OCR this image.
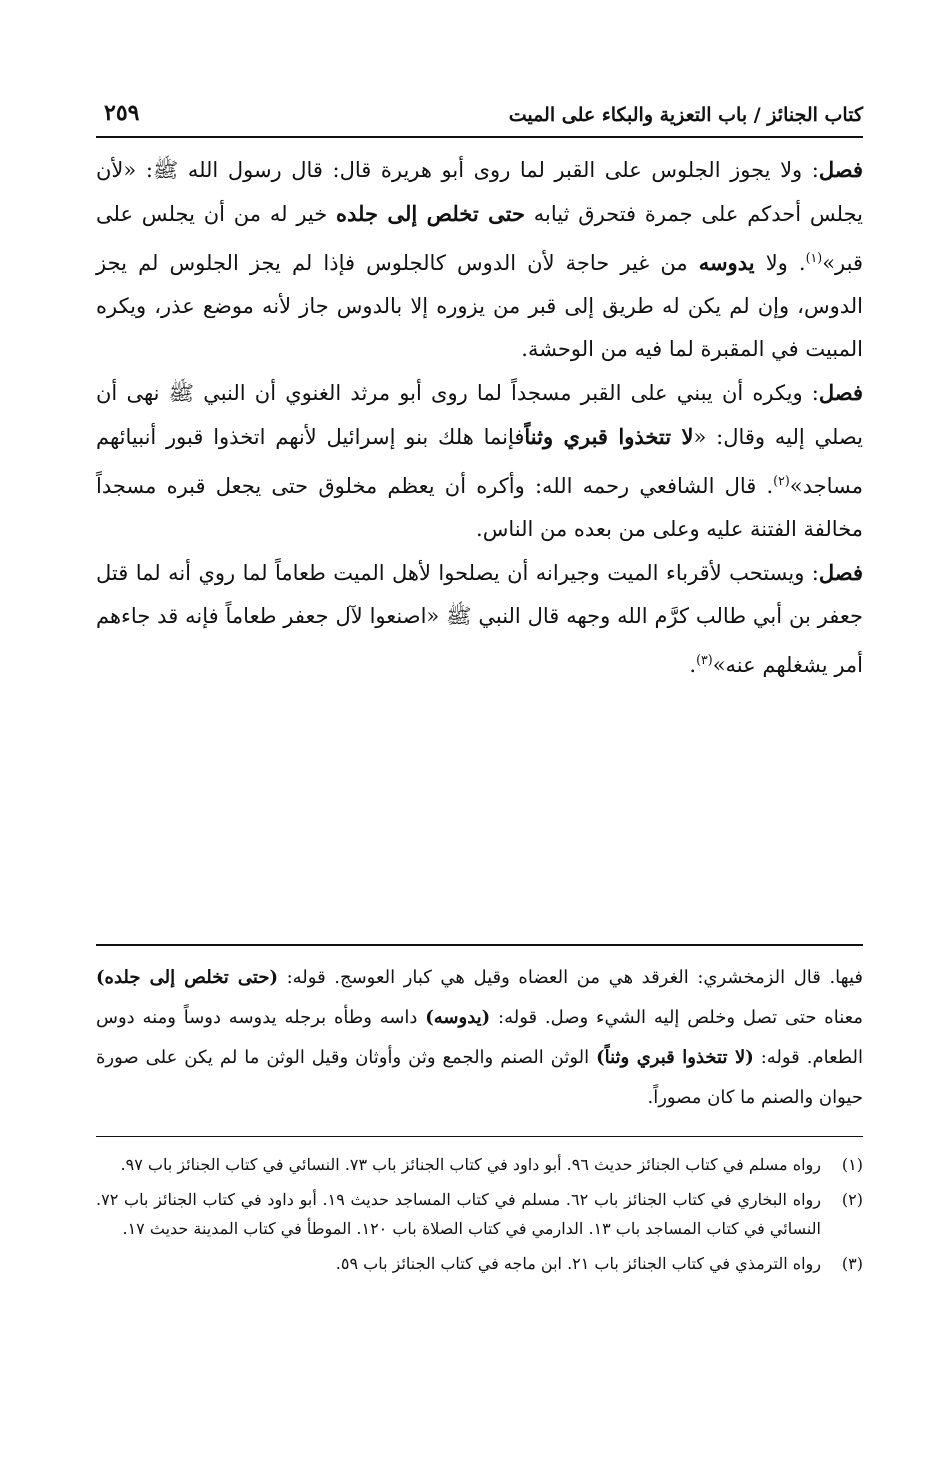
كتاب الجنائز / باب التعزية والبكاء على الميت
٢٥٩

فصل: ولا يجوز الجلوس على القبر لما روى أبو هريرة قال: قال رسول الله ﷺ: «لأن يجلس أحدكم على جمرة فتحرق ثيابه حتى تخلص إلى جلده خير له من أن يجلس على قبر»$^{(١)}$. ولا يدوسه من غير حاجة لأن الدوس كالجلوس فإذا لم يجز الجلوس لم يجز الدوس، وإن لم يكن له طريق إلى قبر من يزوره إلا بالدوس جاز لأنه موضع عذر، ويكره المبيت في المقبرة لما فيه من الوحشة.

فصل: ويكره أن يبني على القبر مسجداً لما روى أبو مرثد الغنوي أن النبي ﷺ نهى أن يصلي إليه وقال: «لا تتخذوا قبري وثناًفإنما هلك بنو إسرائيل لأنهم اتخذوا قبور أنبيائهم مساجد»$^{(٢)}$. قال الشافعي رحمه الله: وأكره أن يعظم مخلوق حتى يجعل قبره مسجداً مخالفة الفتنة عليه وعلى من بعده من الناس.

فصل: ويستحب لأقرباء الميت وجيرانه أن يصلحوا لأهل الميت طعاماً لما روي أنه لما قتل جعفر بن أبي طالب كرَّم الله وجهه قال النبي ﷺ «اصنعوا لآل جعفر طعاماً فإنه قد جاءهم أمر يشغلهم عنه»$^{(٣)}$.

فيها. قال الزمخشري: الغرقد هي من العضاه وقيل هي كبار العوسج. قوله: (حتى تخلص إلى جلده) معناه حتى تصل وخلص إليه الشيء وصل. قوله: (يدوسه) داسه وطأه برجله يدوسه دوساً ومنه دوس الطعام. قوله: (لا تتخذوا قبري وثناً) الوثن الصنم والجمع وثن وأوثان وقيل الوثن ما لم يكن على صورة حيوان والصنم ما كان مصوراً.

(١)
رواه مسلم في كتاب الجنائز حديث ٩٦. أبو داود في كتاب الجنائز باب ٧٣. النسائي في كتاب الجنائز باب ٩٧.
(٢)
رواه البخاري في كتاب الجنائز باب ٦٢. مسلم في كتاب المساجد حديث ١٩. أبو داود في كتاب الجنائز باب ٧٢. النسائي في كتاب المساجد باب ١٣. الدارمي في كتاب الصلاة باب ١٢٠. الموطأ في كتاب المدينة حديث ١٧.
(٣)
رواه الترمذي في كتاب الجنائز باب ٢١. ابن ماجه في كتاب الجنائز باب ٥٩.
